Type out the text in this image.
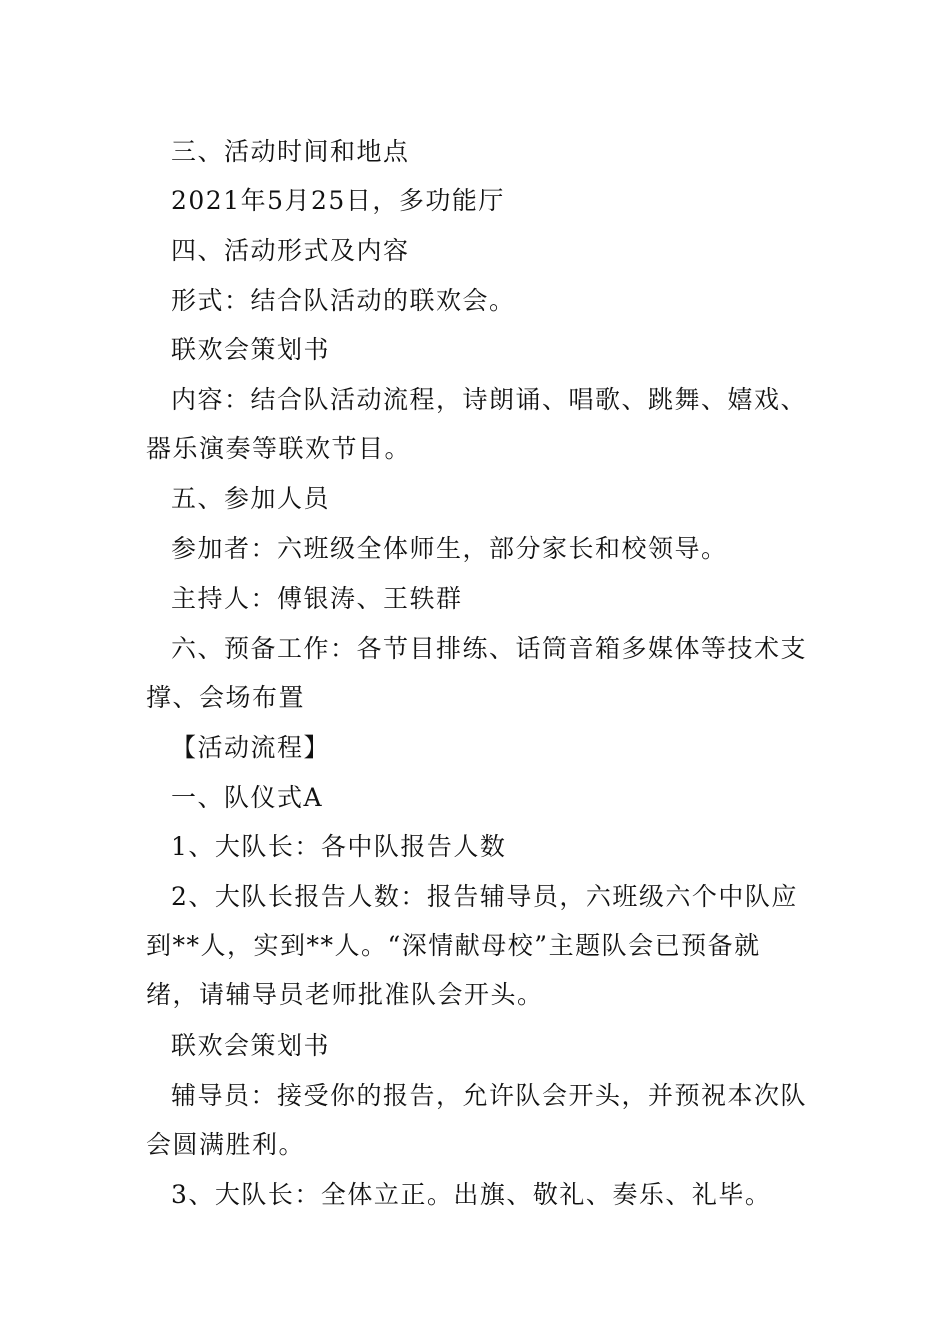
三、活动时间和地点

2021年5月25日，多功能厅

四、活动形式及内容

形式：结合队活动的联欢会。

联欢会策划书

内容：结合队活动流程，诗朗诵、唱歌、跳舞、嬉戏、器乐演奏等联欢节目。

五、参加人员

参加者：六班级全体师生，部分家长和校领导。

主持人：傅银涛、王轶群

六、预备工作：各节目排练、话筒音箱多媒体等技术支撑、会场布置

【活动流程】

一、队仪式A

1、大队长：各中队报告人数

2、大队长报告人数：报告辅导员，六班级六个中队应到**人，实到**人。“深情献母校”主题队会已预备就绪，请辅导员老师批准队会开头。

联欢会策划书

辅导员：接受你的报告，允许队会开头，并预祝本次队会圆满胜利。

3、大队长：全体立正。出旗、敬礼、奏乐、礼毕。
